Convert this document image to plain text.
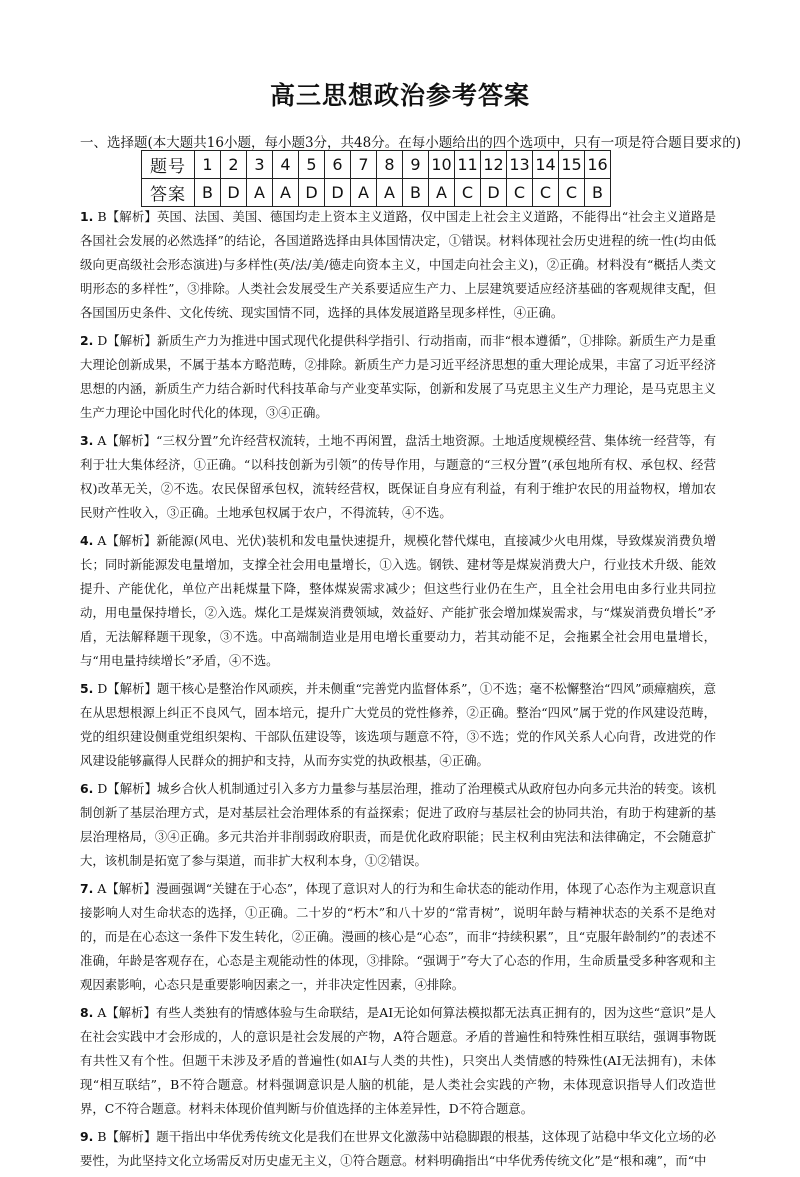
高三思想政治参考答案
一、选择题(本大题共16小题，每小题3分，共48分。在每小题给出的四个选项中，只有一项是符合题目要求的)
题号	1	2	3	4	5	6	7	8	9	10	11	12	13	14	15	16
答案	B	D	A	A	D	D	A	A	B	A	C	D	C	C	C	B
1. B【解析】英国、法国、美国、德国均走上资本主义道路，仅中国走上社会主义道路，不能得出“社会主义道路是各国社会发展的必然选择”的结论，各国道路选择由具体国情决定，①错误。材料体现社会历史进程的统一性(均由低级向更高级社会形态演进)与多样性(英/法/美/德走向资本主义，中国走向社会主义)，②正确。材料没有“概括人类文明形态的多样性”，③排除。人类社会发展受生产关系要适应生产力、上层建筑要适应经济基础的客观规律支配，但各国国历史条件、文化传统、现实国情不同，选择的具体发展道路呈现多样性，④正确。
2. D【解析】新质生产力为推进中国式现代化提供科学指引、行动指南，而非“根本遵循”，①排除。新质生产力是重大理论创新成果，不属于基本方略范畴，②排除。新质生产力是习近平经济思想的重大理论成果，丰富了习近平经济思想的内涵，新质生产力结合新时代科技革命与产业变革实际，创新和发展了马克思主义生产力理论，是马克思主义生产力理论中国化时代化的体现，③④正确。
3. A【解析】“三权分置”允许经营权流转，土地不再闲置，盘活土地资源。土地适度规模经营、集体统一经营等，有利于壮大集体经济，①正确。“以科技创新为引领”的传导作用，与题意的“三权分置”(承包地所有权、承包权、经营权)改革无关，②不选。农民保留承包权，流转经营权，既保证自身应有利益，有利于维护农民的用益物权，增加农民财产性收入，③正确。土地承包权属于农户，不得流转，④不选。
4. A【解析】新能源(风电、光伏)装机和发电量快速提升，规模化替代煤电，直接减少火电用煤，导致煤炭消费负增长；同时新能源发电量增加，支撑全社会用电量增长，①入选。钢铁、建材等是煤炭消费大户，行业技术升级、能效提升、产能优化，单位产出耗煤量下降，整体煤炭需求减少；但这些行业仍在生产，且全社会用电由多行业共同拉动，用电量保持增长，②入选。煤化工是煤炭消费领域，效益好、产能扩张会增加煤炭需求，与“煤炭消费负增长”矛盾，无法解释题干现象，③不选。中高端制造业是用电增长重要动力，若其动能不足，会拖累全社会用电量增长，与“用电量持续增长”矛盾，④不选。
5. D【解析】题干核心是整治作风顽疾，并未侧重“完善党内监督体系”，①不选；毫不松懈整治“四风”顽瘴痼疾，意在从思想根源上纠正不良风气，固本培元，提升广大党员的党性修养，②正确。整治“四风”属于党的作风建设范畴，党的组织建设侧重党组织架构、干部队伍建设等，该选项与题意不符，③不选；党的作风关系人心向背，改进党的作风建设能够赢得人民群众的拥护和支持，从而夯实党的执政根基，④正确。
6. D【解析】城乡合伙人机制通过引入多方力量参与基层治理，推动了治理模式从政府包办向多元共治的转变。该机制创新了基层治理方式，是对基层社会治理体系的有益探索；促进了政府与基层社会的协同共治，有助于构建新的基层治理格局，③④正确。多元共治并非削弱政府职责，而是优化政府职能；民主权利由宪法和法律确定，不会随意扩大，该机制是拓宽了参与渠道，而非扩大权利本身，①②错误。
7. A【解析】漫画强调“关键在于心态”，体现了意识对人的行为和生命状态的能动作用，体现了心态作为主观意识直接影响人对生命状态的选择，①正确。二十岁的“朽木”和八十岁的“常青树”，说明年龄与精神状态的关系不是绝对的，而是在心态这一条件下发生转化，②正确。漫画的核心是“心态”，而非“持续积累”，且“克服年龄制约”的表述不准确，年龄是客观存在，心态是主观能动性的体现，③排除。“强调于”夸大了心态的作用，生命质量受多种客观和主观因素影响，心态只是重要影响因素之一，并非决定性因素，④排除。
8. A【解析】有些人类独有的情感体验与生命联结，是AI无论如何算法模拟都无法真正拥有的，因为这些“意识”是人在社会实践中才会形成的，人的意识是社会发展的产物，A符合题意。矛盾的普遍性和特殊性相互联结，强调事物既有共性又有个性。但题干未涉及矛盾的普遍性(如AI与人类的共性)，只突出人类情感的特殊性(AI无法拥有)，未体现“相互联结”，B不符合题意。材料强调意识是人脑的机能，是人类社会实践的产物，未体现意识指导人们改造世界，C不符合题意。材料未体现价值判断与价值选择的主体差异性，D不符合题意。
9. B【解析】题干指出中华优秀传统文化是我们在世界文化激荡中站稳脚跟的根基，这体现了站稳中华文化立场的必要性，为此坚持文化立场需反对历史虚无主义，①符合题意。材料明确指出“中华优秀传统文化”是“根和魂”，而“中
